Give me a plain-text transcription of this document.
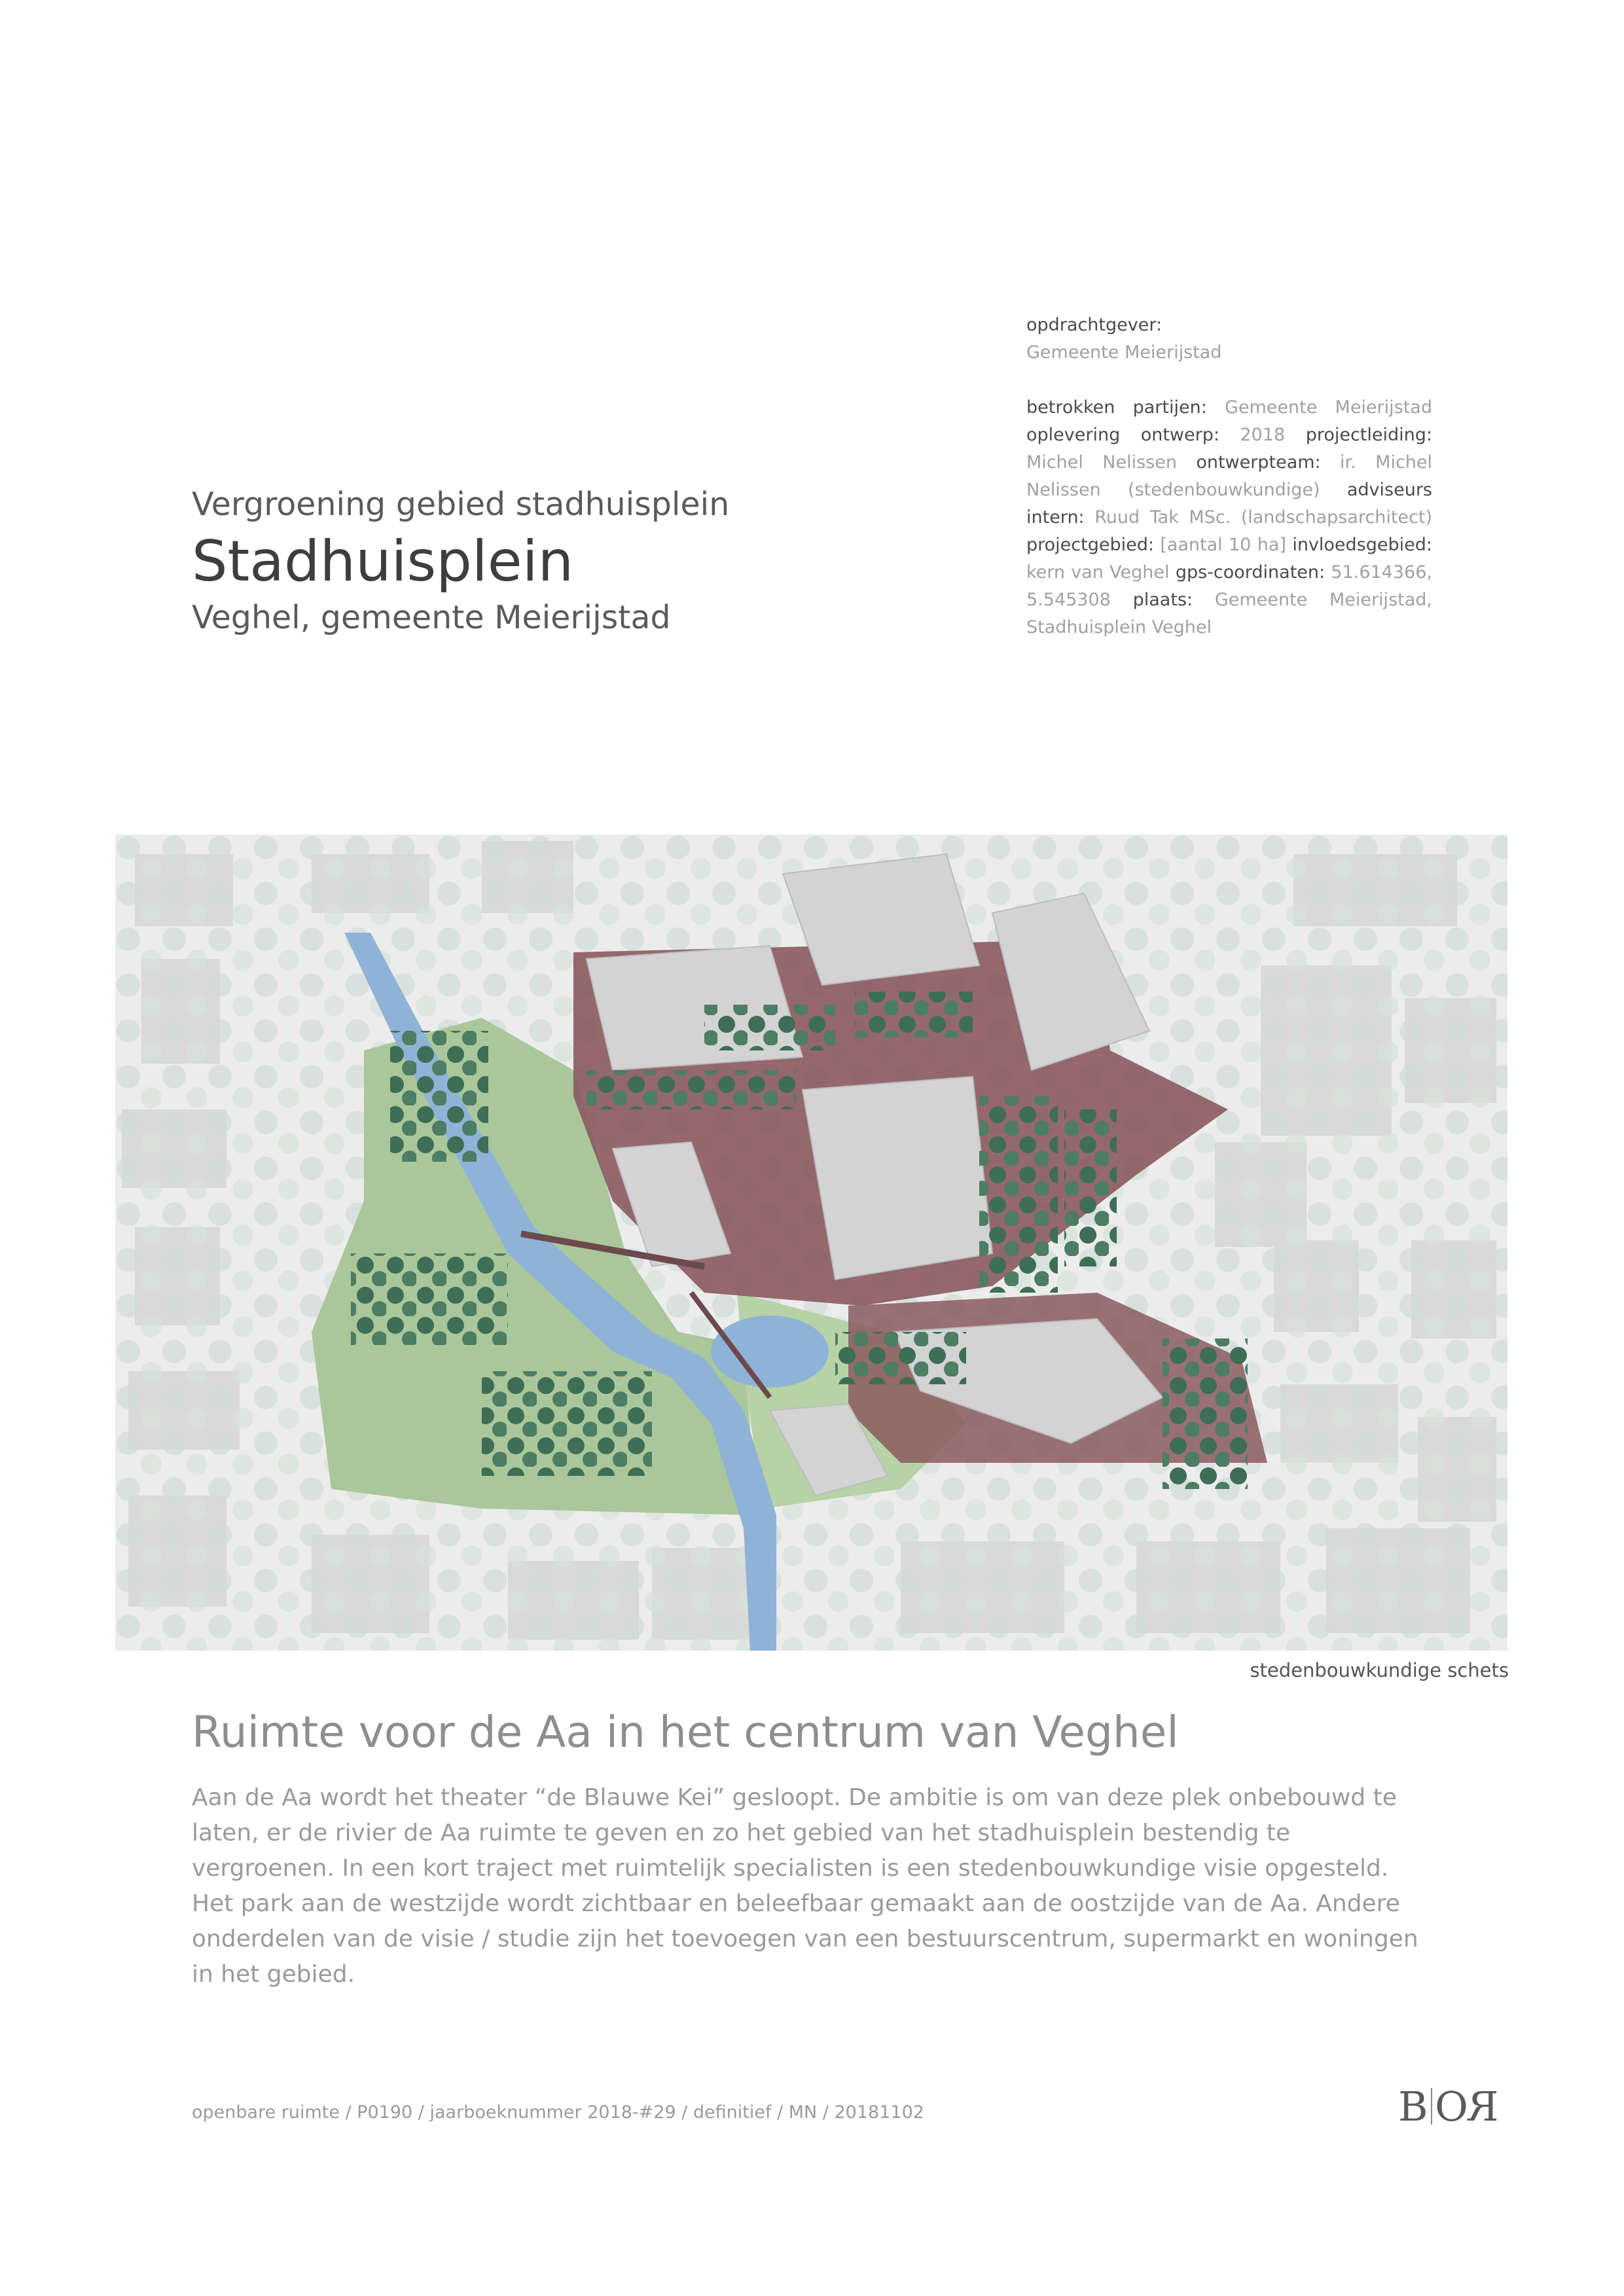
Vergroening gebied stadhuisplein
Stadhuisplein
Veghel, gemeente Meierijstad
opdrachtgever:
Gemeente Meierijstad
betrokken partijen: Gemeente Meierijstad oplevering ontwerp: 2018 projectleiding: Michel Nelissen ontwerpteam: ir. Michel Nelissen (stedenbouwkundige) adviseurs intern: Ruud Tak MSc. (landschapsarchitect) projectgebied: [aantal 10 ha] invloedsgebied: kern van Veghel gps-coordinaten: 51.614366, 5.545308 plaats: Gemeente Meierijstad, Stadhuisplein Veghel
stedenbouwkundige schets
Ruimte voor de Aa in het centrum van Veghel
Aan de Aa wordt het theater “de Blauwe Kei” gesloopt. De ambitie is om van deze plek onbebouwd te laten, er de rivier de Aa ruimte te geven en zo het gebied van het stadhuisplein bestendig te vergroenen. In een kort traject met ruimtelijk specialisten is een stedenbouwkundige visie opgesteld. Het park aan de westzijde wordt zichtbaar en beleefbaar gemaakt aan de oostzijde van de Aa. Andere onderdelen van de visie / studie zijn het toevoegen van een bestuurscentrum, supermarkt en woningen in het gebied.
openbare ruimte / P0190 / jaarboeknummer 2018-#29 / definitief / MN / 20181102	B RO
